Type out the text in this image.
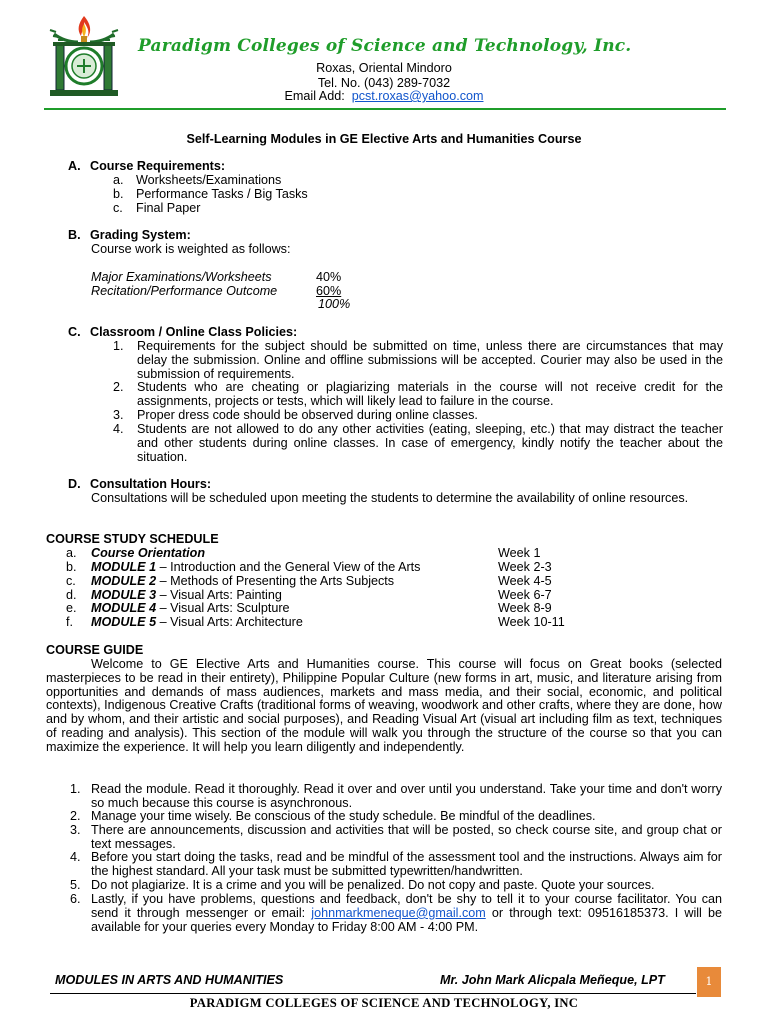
Paradigm Colleges of Science and Technology, Inc.
Roxas, Oriental Mindoro
Tel. No. (043) 289-7032
Email Add: pcst.roxas@yahoo.com
Self-Learning Modules in GE Elective Arts and Humanities Course
A. Course Requirements:
a. Worksheets/Examinations
b. Performance Tasks / Big Tasks
c. Final Paper
B. Grading System:
Course work is weighted as follows:
Major Examinations/Worksheets	40%
Recitation/Performance Outcome	60%
100%
C. Classroom / Online Class Policies:
1. Requirements for the subject should be submitted on time, unless there are circumstances that may delay the submission. Online and offline submissions will be accepted. Courier may also be used in the submission of requirements.
2. Students who are cheating or plagiarizing materials in the course will not receive credit for the assignments, projects or tests, which will likely lead to failure in the course.
3. Proper dress code should be observed during online classes.
4. Students are not allowed to do any other activities (eating, sleeping, etc.) that may distract the teacher and other students during online classes. In case of emergency, kindly notify the teacher about the situation.
D. Consultation Hours:
Consultations will be scheduled upon meeting the students to determine the availability of online resources.
COURSE STUDY SCHEDULE
a. Course Orientation	Week 1
b. MODULE 1 – Introduction and the General View of the Arts	Week 2-3
c. MODULE 2 – Methods of Presenting the Arts Subjects	Week 4-5
d. MODULE 3 – Visual Arts: Painting	Week 6-7
e. MODULE 4 – Visual Arts: Sculpture	Week 8-9
f. MODULE 5 – Visual Arts: Architecture	Week 10-11
COURSE GUIDE
Welcome to GE Elective Arts and Humanities course. This course will focus on Great books (selected masterpieces to be read in their entirety), Philippine Popular Culture (new forms in art, music, and literature arising from opportunities and demands of mass audiences, markets and mass media, and their social, economic, and political contexts), Indigenous Creative Crafts (traditional forms of weaving, woodwork and other crafts, where they are done, how and by whom, and their artistic and social purposes), and Reading Visual Art (visual art including film as text, techniques of reading and analysis). This section of the module will walk you through the structure of the course so that you can maximize the experience. It will help you learn diligently and independently.
1. Read the module. Read it thoroughly. Read it over and over until you understand. Take your time and don't worry so much because this course is asynchronous.
2. Manage your time wisely. Be conscious of the study schedule. Be mindful of the deadlines.
3. There are announcements, discussion and activities that will be posted, so check course site, and group chat or text messages.
4. Before you start doing the tasks, read and be mindful of the assessment tool and the instructions. Always aim for the highest standard. All your task must be submitted typewritten/handwritten.
5. Do not plagiarize. It is a crime and you will be penalized. Do not copy and paste. Quote your sources.
6. Lastly, if you have problems, questions and feedback, don't be shy to tell it to your course facilitator. You can send it through messenger or email: johnmarkmeneque@gmail.com or through text: 09516185373. I will be available for your queries every Monday to Friday 8:00 AM - 4:00 PM.
MODULES IN ARTS AND HUMANITIES	Mr. John Mark Alicpala Meñeque, LPT	1
PARADIGM COLLEGES OF SCIENCE AND TECHNOLOGY, INC
